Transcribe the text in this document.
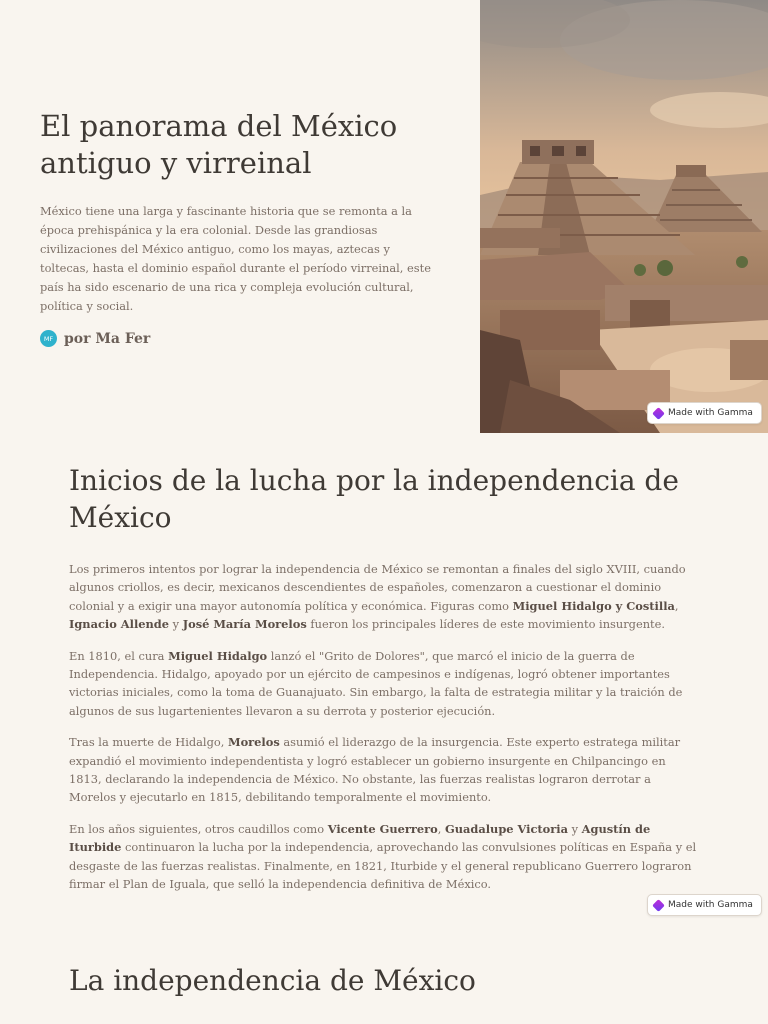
El panorama del México antiguo y virreinal

México tiene una larga y fascinante historia que se remonta a la época prehispánica y la era colonial. Desde las grandiosas civilizaciones del México antiguo, como los mayas, aztecas y toltecas, hasta el dominio español durante el período virreinal, este país ha sido escenario de una rica y compleja evolución cultural, política y social.

MF por Ma Fer
Made with Gamma
Inicios de la lucha por la independencia de México

Los primeros intentos por lograr la independencia de México se remontan a finales del siglo XVIII, cuando algunos criollos, es decir, mexicanos descendientes de españoles, comenzaron a cuestionar el dominio colonial y a exigir una mayor autonomía política y económica. Figuras como Miguel Hidalgo y Costilla, Ignacio Allende y José María Morelos fueron los principales líderes de este movimiento insurgente.

En 1810, el cura Miguel Hidalgo lanzó el "Grito de Dolores", que marcó el inicio de la guerra de Independencia. Hidalgo, apoyado por un ejército de campesinos e indígenas, logró obtener importantes victorias iniciales, como la toma de Guanajuato. Sin embargo, la falta de estrategia militar y la traición de algunos de sus lugartenientes llevaron a su derrota y posterior ejecución.

Tras la muerte de Hidalgo, Morelos asumió el liderazgo de la insurgencia. Este experto estratega militar expandió el movimiento independentista y logró establecer un gobierno insurgente en Chilpancingo en 1813, declarando la independencia de México. No obstante, las fuerzas realistas lograron derrotar a Morelos y ejecutarlo en 1815, debilitando temporalmente el movimiento.

En los años siguientes, otros caudillos como Vicente Guerrero, Guadalupe Victoria y Agustín de Iturbide continuaron la lucha por la independencia, aprovechando las convulsiones políticas en España y el desgaste de las fuerzas realistas. Finalmente, en 1821, Iturbide y el general republicano Guerrero lograron firmar el Plan de Iguala, que selló la independencia definitiva de México.

Made with Gamma
La independencia de México
